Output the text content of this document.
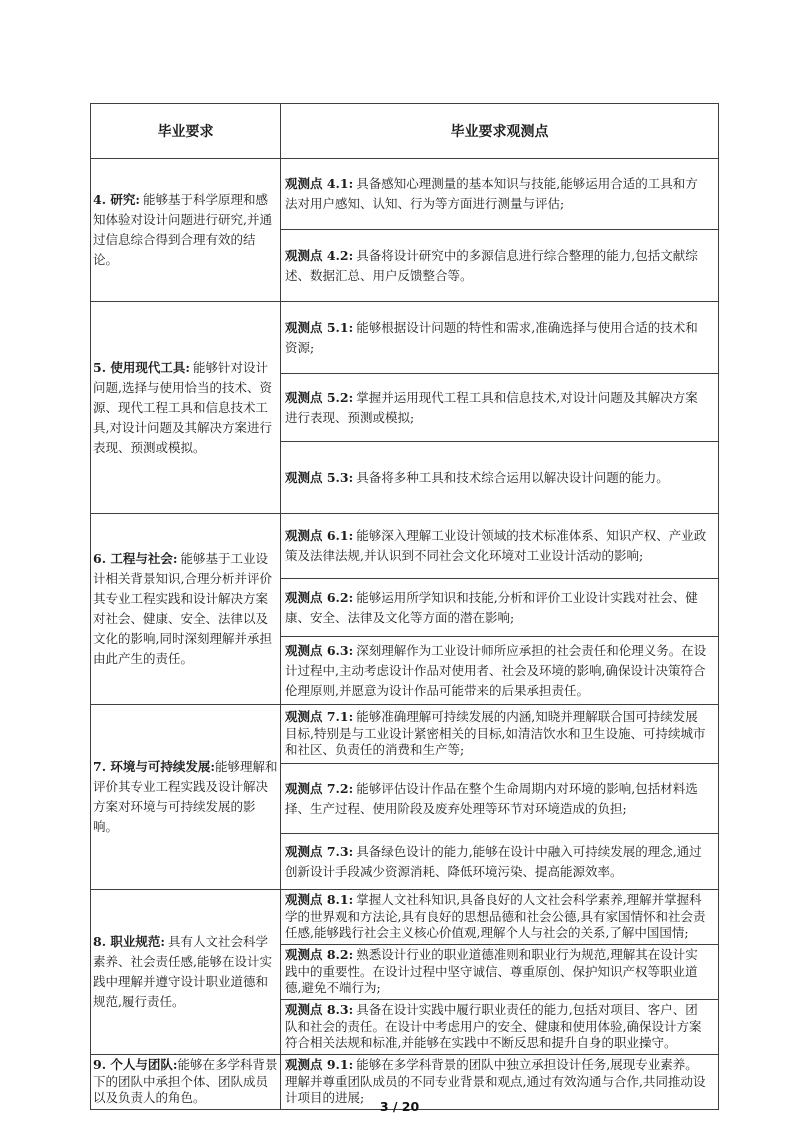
毕业要求	毕业要求观测点

4. 研究: 能够基于科学原理和感知体验对设计问题进行研究,并通过信息综合得到合理有效的结论。	观测点 4.1: 具备感知心理测量的基本知识与技能,能够运用合适的工具和方法对用户感知、认知、行为等方面进行测量与评估;

	观测点 4.2: 具备将设计研究中的多源信息进行综合整理的能力,包括文献综述、数据汇总、用户反馈整合等。

5. 使用现代工具: 能够针对设计问题,选择与使用恰当的技术、资源、现代工程工具和信息技术工具,对设计问题及其解决方案进行表现、预测或模拟。	观测点 5.1: 能够根据设计问题的特性和需求,准确选择与使用合适的技术和资源;

	观测点 5.2: 掌握并运用现代工程工具和信息技术,对设计问题及其解决方案进行表现、预测或模拟;

	观测点 5.3: 具备将多种工具和技术综合运用以解决设计问题的能力。

6. 工程与社会: 能够基于工业设计相关背景知识,合理分析并评价其专业工程实践和设计解决方案对社会、健康、安全、法律以及文化的影响,同时深刻理解并承担由此产生的责任。	观测点 6.1: 能够深入理解工业设计领域的技术标准体系、知识产权、产业政策及法律法规,并认识到不同社会文化环境对工业设计活动的影响;

	观测点 6.2: 能够运用所学知识和技能,分析和评价工业设计实践对社会、健康、安全、法律及文化等方面的潜在影响;

	观测点 6.3: 深刻理解作为工业设计师所应承担的社会责任和伦理义务。在设计过程中,主动考虑设计作品对使用者、社会及环境的影响,确保设计决策符合伦理原则,并愿意为设计作品可能带来的后果承担责任。

7. 环境与可持续发展:能够理解和评价其专业工程实践及设计解决方案对环境与可持续发展的影响。	观测点 7.1: 能够准确理解可持续发展的内涵,知晓并理解联合国可持续发展目标,特别是与工业设计紧密相关的目标,如清洁饮水和卫生设施、可持续城市和社区、负责任的消费和生产等;

	观测点 7.2: 能够评估设计作品在整个生命周期内对环境的影响,包括材料选择、生产过程、使用阶段及废弃处理等环节对环境造成的负担;

	观测点 7.3: 具备绿色设计的能力,能够在设计中融入可持续发展的理念,通过创新设计手段减少资源消耗、降低环境污染、提高能源效率。

8. 职业规范: 具有人文社会科学素养、社会责任感,能够在设计实践中理解并遵守设计职业道德和规范,履行责任。	观测点 8.1: 掌握人文社科知识,具备良好的人文社会科学素养,理解并掌握科学的世界观和方法论,具有良好的思想品德和社会公德,具有家国情怀和社会责任感,能够践行社会主义核心价值观,理解个人与社会的关系,了解中国国情;

	观测点 8.2: 熟悉设计行业的职业道德准则和职业行为规范,理解其在设计实践中的重要性。在设计过程中坚守诚信、尊重原创、保护知识产权等职业道德,避免不端行为;

	观测点 8.3: 具备在设计实践中履行职业责任的能力,包括对项目、客户、团队和社会的责任。在设计中考虑用户的安全、健康和使用体验,确保设计方案符合相关法规和标准,并能够在实践中不断反思和提升自身的职业操守。

9. 个人与团队:能够在多学科背景下的团队中承担个体、团队成员以及负责人的角色。	观测点 9.1: 能够在多学科背景的团队中独立承担设计任务,展现专业素养。理解并尊重团队成员的不同专业背景和观点,通过有效沟通与合作,共同推动设计项目的进展;

3 / 20
